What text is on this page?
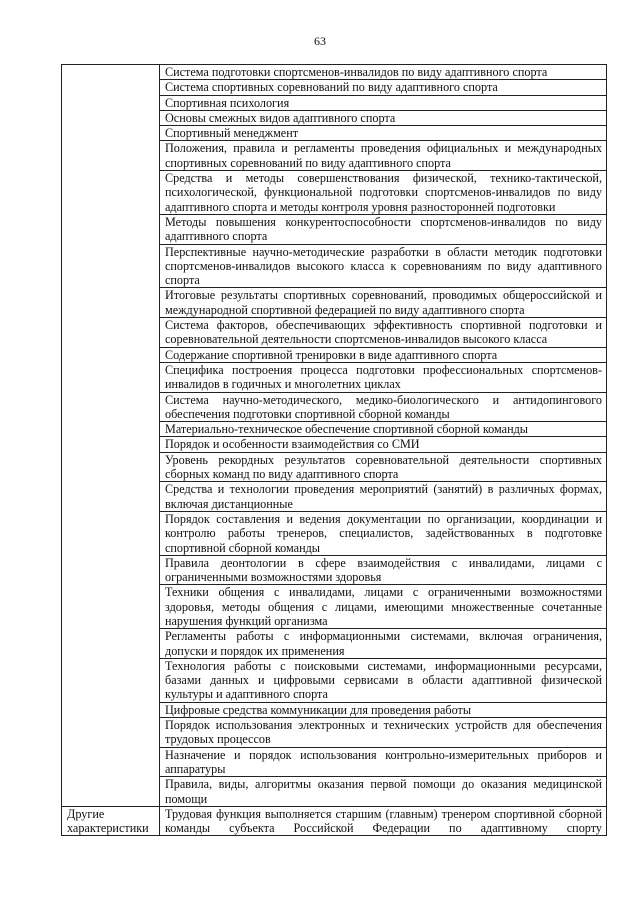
63
	Система подготовки спортсменов-инвалидов по виду адаптивного спорта
	Система спортивных соревнований по виду адаптивного спорта
	Спортивная психология
	Основы смежных видов адаптивного спорта
	Спортивный менеджмент
	Положения, правила и регламенты проведения официальных и международных спортивных соревнований по виду адаптивного спорта
	Средства и методы совершенствования физической, технико-тактической, психологической, функциональной подготовки спортсменов-инвалидов по виду адаптивного спорта и методы контроля уровня разносторонней подготовки
	Методы повышения конкурентоспособности спортсменов-инвалидов по виду адаптивного спорта
	Перспективные научно-методические разработки в области методик подготовки спортсменов-инвалидов высокого класса к соревнованиям по виду адаптивного спорта
	Итоговые результаты спортивных соревнований, проводимых общероссийской и международной спортивной федерацией по виду адаптивного спорта
	Система факторов, обеспечивающих эффективность спортивной подготовки и соревновательной деятельности спортсменов-инвалидов высокого класса
	Содержание спортивной тренировки в виде адаптивного спорта
	Специфика построения процесса подготовки профессиональных спортсменов-инвалидов в годичных и многолетних циклах
	Система научно-методического, медико-биологического и антидопингового обеспечения подготовки спортивной сборной команды
	Материально-техническое обеспечение спортивной сборной команды
	Порядок и особенности взаимодействия со СМИ
	Уровень рекордных результатов соревновательной деятельности спортивных сборных команд по виду адаптивного спорта
	Средства и технологии проведения мероприятий (занятий) в различных формах, включая дистанционные
	Порядок составления и ведения документации по организации, координации и контролю работы тренеров, специалистов, задействованных в подготовке спортивной сборной команды
	Правила деонтологии в сфере взаимодействия с инвалидами, лицами с ограниченными возможностями здоровья
	Техники общения с инвалидами, лицами с ограниченными возможностями здоровья, методы общения с лицами, имеющими множественные сочетанные нарушения функций организма
	Регламенты работы с информационными системами, включая ограничения, допуски и порядок их применения
	Технология работы с поисковыми системами, информационными ресурсами, базами данных и цифровыми сервисами в области адаптивной физической культуры и адаптивного спорта
	Цифровые средства коммуникации для проведения работы
	Порядок использования электронных и технических устройств для обеспечения трудовых процессов
	Назначение и порядок использования контрольно-измерительных приборов и аппаратуры
	Правила, виды, алгоритмы оказания первой помощи до оказания медицинской помощи
Другие характеристики	Трудовая функция выполняется старшим (главным) тренером спортивной сборной команды субъекта Российской Федерации по адаптивному спорту
